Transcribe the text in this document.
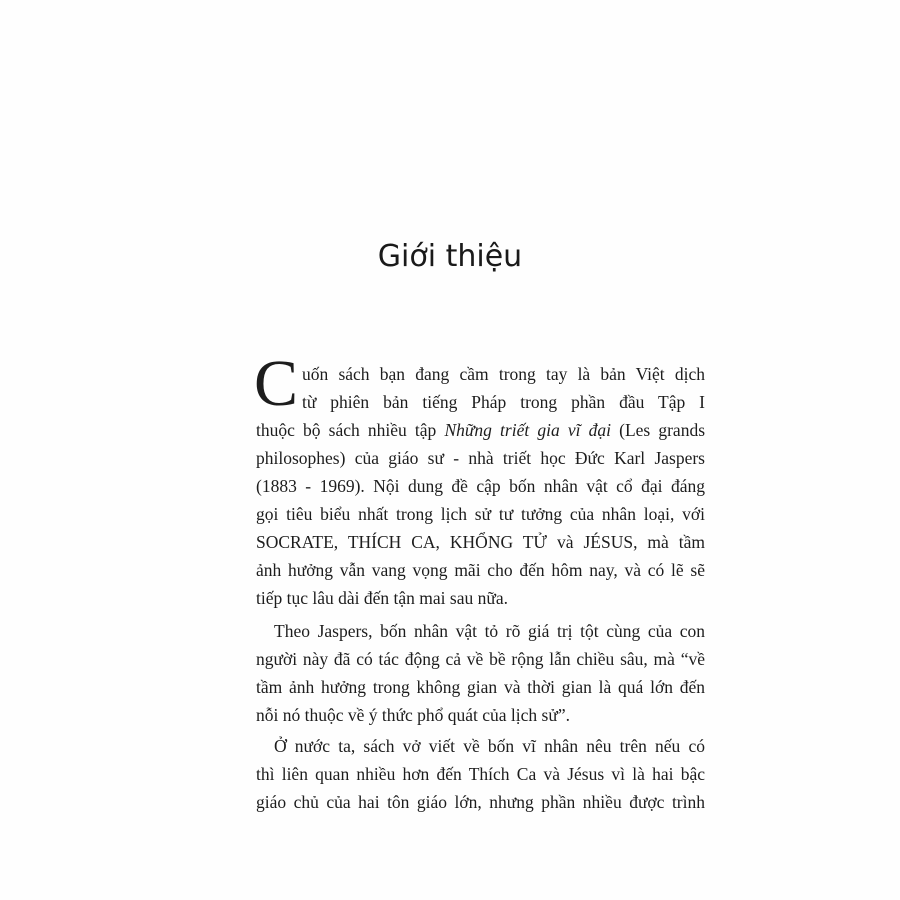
Giới thiệu
C uốn sách bạn đang cầm trong tay là bản Việt dịch
từ phiên bản tiếng Pháp trong phần đầu Tập I
thuộc bộ sách nhiều tập Những triết gia vĩ đại (Les grands
philosophes) của giáo sư - nhà triết học Đức Karl Jaspers
(1883 - 1969). Nội dung đề cập bốn nhân vật cổ đại đáng
gọi tiêu biểu nhất trong lịch sử tư tưởng của nhân loại, với
SOCRATE, THÍCH CA, KHỔNG TỬ và JÉSUS, mà tầm
ảnh hưởng vẫn vang vọng mãi cho đến hôm nay, và có lẽ sẽ
tiếp tục lâu dài đến tận mai sau nữa.
Theo Jaspers, bốn nhân vật tỏ rõ giá trị tột cùng của con
người này đã có tác động cả về bề rộng lẫn chiều sâu, mà “về
tầm ảnh hưởng trong không gian và thời gian là quá lớn đến
nỗi nó thuộc về ý thức phổ quát của lịch sử”.
Ở nước ta, sách vở viết về bốn vĩ nhân nêu trên nếu có
thì liên quan nhiều hơn đến Thích Ca và Jésus vì là hai bậc
giáo chủ của hai tôn giáo lớn, nhưng phần nhiều được trình
